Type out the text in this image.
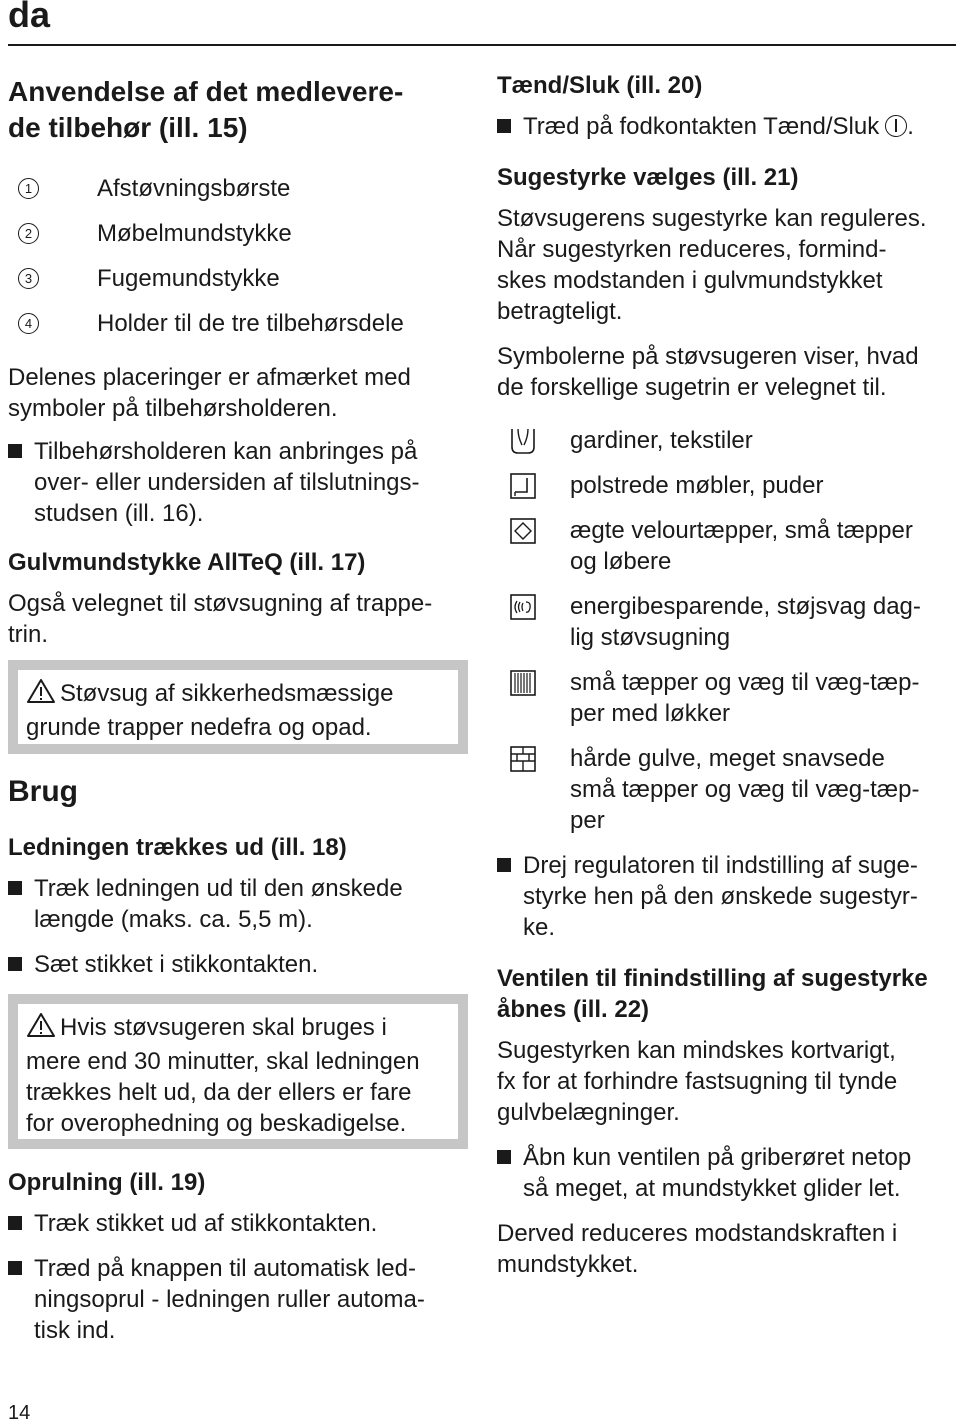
da
Anvendelse af det medlevere-
de tilbehør (ill. 15)
1	Afstøvningsbørste
2	Møbelmundstykke
3	Fugemundstykke
4	Holder til de tre tilbehørsdele

Delenes placeringer er afmærket med

symboler på tilbehørsholderen.

Tilbehørsholderen kan anbringes på

over- eller undersiden af tilslutnings-

studsen (ill. 16).

Gulvmundstykke AllTeQ (ill. 17)

Også velegnet til støvsugning af trappe-

trin.

Støvsug af sikkerhedsmæssige

grunde trapper nedefra og opad.

Brug
Ledningen trækkes ud (ill. 18)

Træk ledningen ud til den ønskede

længde (maks. ca. 5,5 m).

Sæt stikket i stikkontakten.

Hvis støvsugeren skal bruges i

mere end 30 minutter, skal ledningen

trækkes helt ud, da der ellers er fare

for overophedning og beskadigelse.

Oprulning (ill. 19)

Træk stikket ud af stikkontakten.

Træd på knappen til automatisk led-

ningsoprul - ledningen ruller automa-

tisk ind.

Tænd/Sluk (ill. 20)

Træd på fodkontakten Tænd/Sluk .

Sugestyrke vælges (ill. 21)

Støvsugerens sugestyrke kan reguleres.

Når sugestyrken reduceres, formind-

skes modstanden i gulvmundstykket

betragteligt.

Symbolerne på støvsugeren viser, hvad

de forskellige sugetrin er velegnet til.

gardiner, tekstiler

polstrede møbler, puder

ægte velourtæpper, små tæpper

og løbere

energibesparende, støjsvag dag-

lig støvsugning

små tæpper og væg til væg-tæp-

per med løkker

hårde gulve, meget snavsede

små tæpper og væg til væg-tæp-

per

Drej regulatoren til indstilling af suge-

styrke hen på den ønskede sugestyr-

ke.

Ventilen til finindstilling af sugestyrke
åbnes (ill. 22)

Sugestyrken kan mindskes kortvarigt,

fx for at forhindre fastsugning til tynde

gulvbelægninger.

Åbn kun ventilen på griberøret netop

så meget, at mundstykket glider let.

Derved reduceres modstandskraften i

mundstykket.

14
